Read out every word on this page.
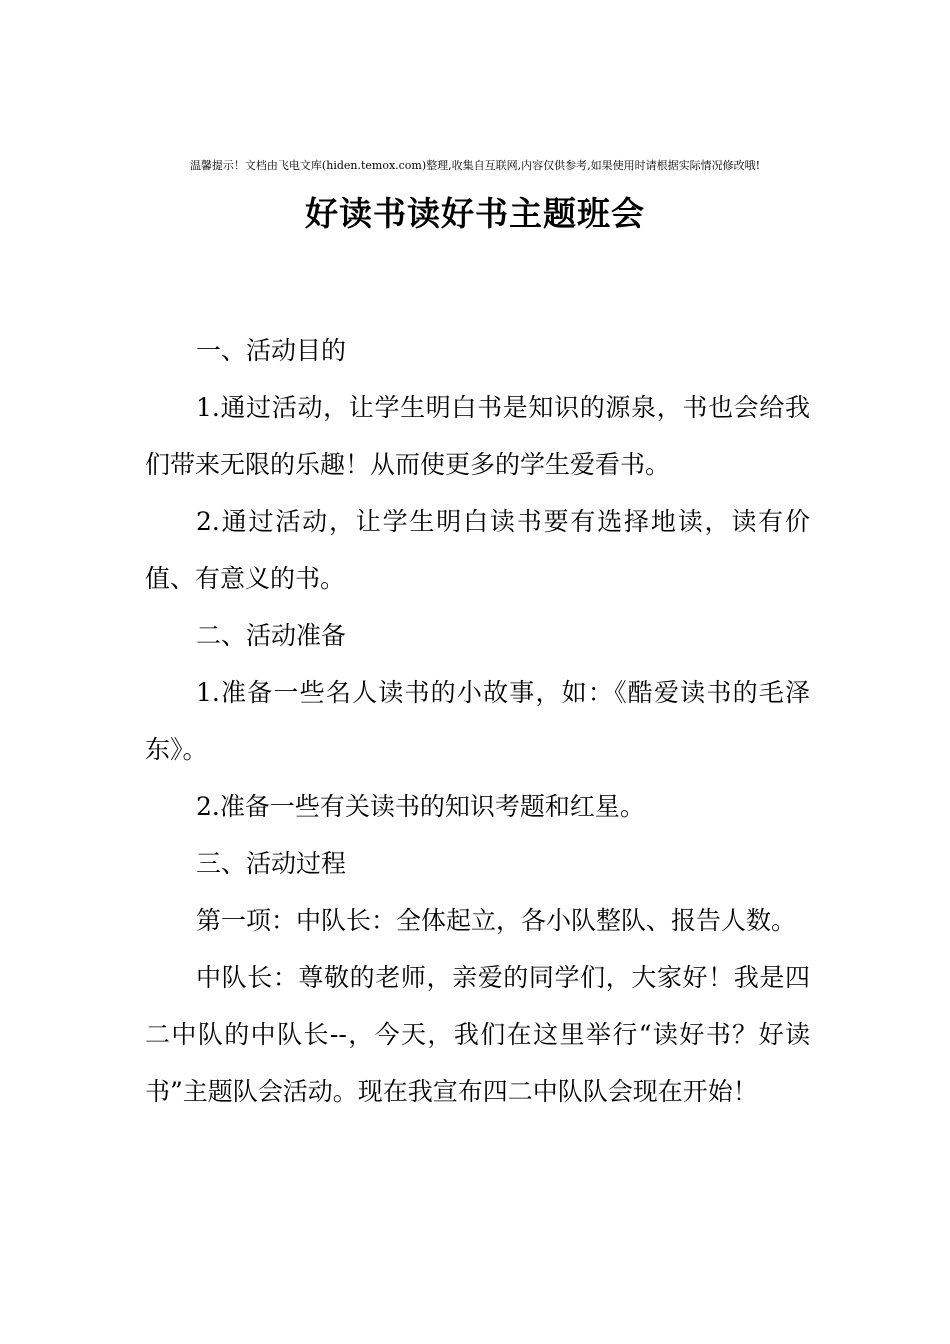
温馨提示！文档由飞电文库(hiden.temox.com)整理,收集自互联网,内容仅供参考,如果使用时请根据实际情况修改哦!
好读书读好书主题班会

一、活动目的

1.通过活动，让学生明白书是知识的源泉，书也会给我们带来无限的乐趣！从而使更多的学生爱看书。

2.通过活动，让学生明白读书要有选择地读，读有价值、有意义的书。

二、活动准备

1.准备一些名人读书的小故事，如：《酷爱读书的毛泽东》。

2.准备一些有关读书的知识考题和红星。

三、活动过程

第一项：中队长：全体起立，各小队整队、报告人数。

中队长：尊敬的老师，亲爱的同学们，大家好！我是四二中队的中队长--，今天，我们在这里举行“读好书？好读书”主题队会活动。现在我宣布四二中队队会现在开始！
